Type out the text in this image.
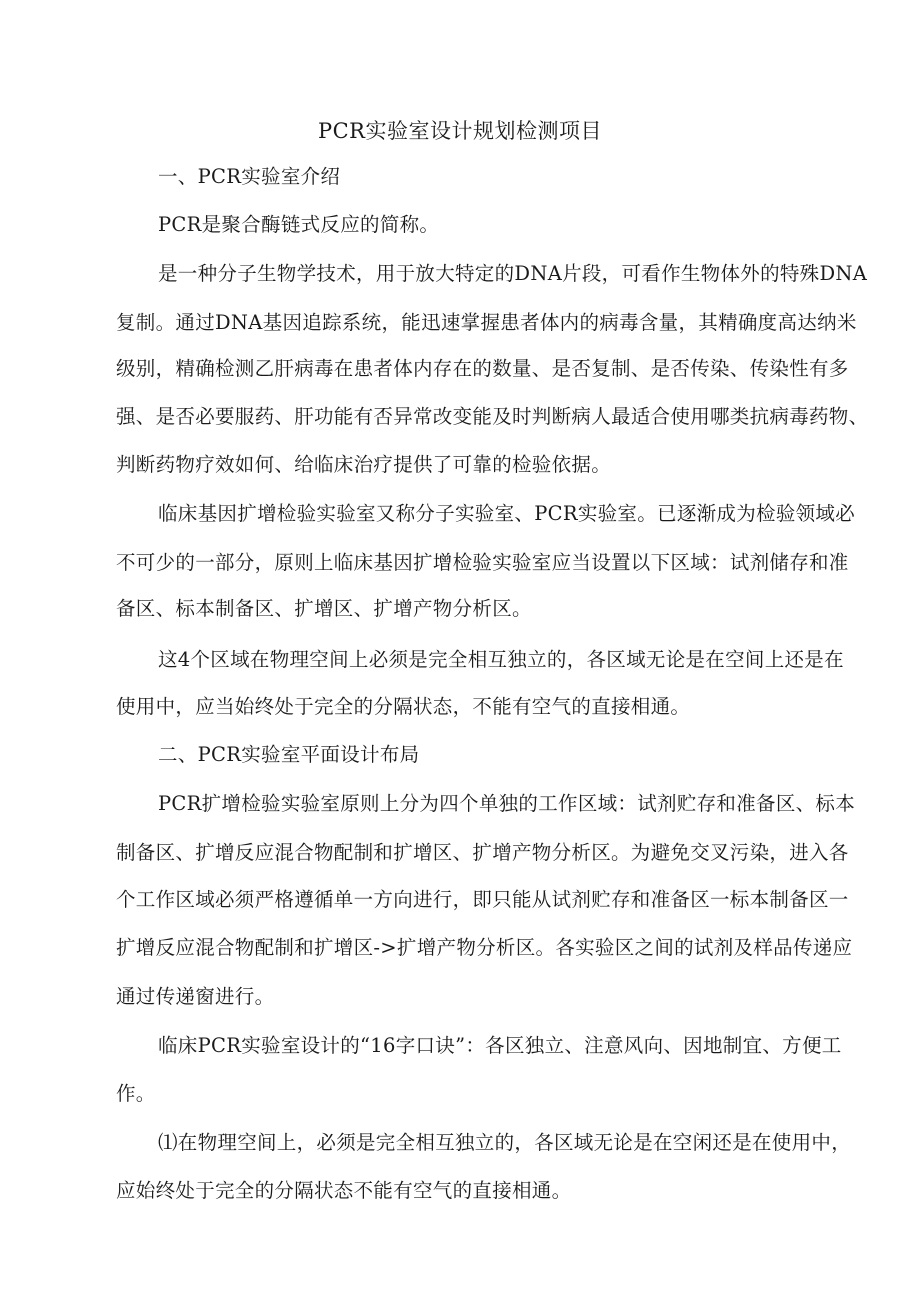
PCR实验室设计规划检测项目
一、PCR实验室介绍
PCR是聚合酶链式反应的简称。
是一种分子生物学技术，用于放大特定的DNA片段，可看作生物体外的特殊DNA
复制。通过DNA基因追踪系统，能迅速掌握患者体内的病毒含量，其精确度高达纳米
级别，精确检测乙肝病毒在患者体内存在的数量、是否复制、是否传染、传染性有多
强、是否必要服药、肝功能有否异常改变能及时判断病人最适合使用哪类抗病毒药物、
判断药物疗效如何、给临床治疗提供了可靠的检验依据。
临床基因扩增检验实验室又称分子实验室、PCR实验室。已逐渐成为检验领域必
不可少的一部分，原则上临床基因扩增检验实验室应当设置以下区域：试剂储存和准
备区、标本制备区、扩增区、扩增产物分析区。
这4个区域在物理空间上必须是完全相互独立的，各区域无论是在空间上还是在
使用中，应当始终处于完全的分隔状态，不能有空气的直接相通。
二、PCR实验室平面设计布局
PCR扩增检验实验室原则上分为四个单独的工作区域：试剂贮存和准备区、标本
制备区、扩增反应混合物配制和扩增区、扩增产物分析区。为避免交叉污染，进入各
个工作区域必须严格遵循单一方向进行，即只能从试剂贮存和准备区一标本制备区一
扩增反应混合物配制和扩增区->扩增产物分析区。各实验区之间的试剂及样品传递应
通过传递窗进行。
临床PCR实验室设计的“16字口诀”：各区独立、注意风向、因地制宜、方便工
作。
⑴在物理空间上，必须是完全相互独立的，各区域无论是在空闲还是在使用中，
应始终处于完全的分隔状态不能有空气的直接相通。
